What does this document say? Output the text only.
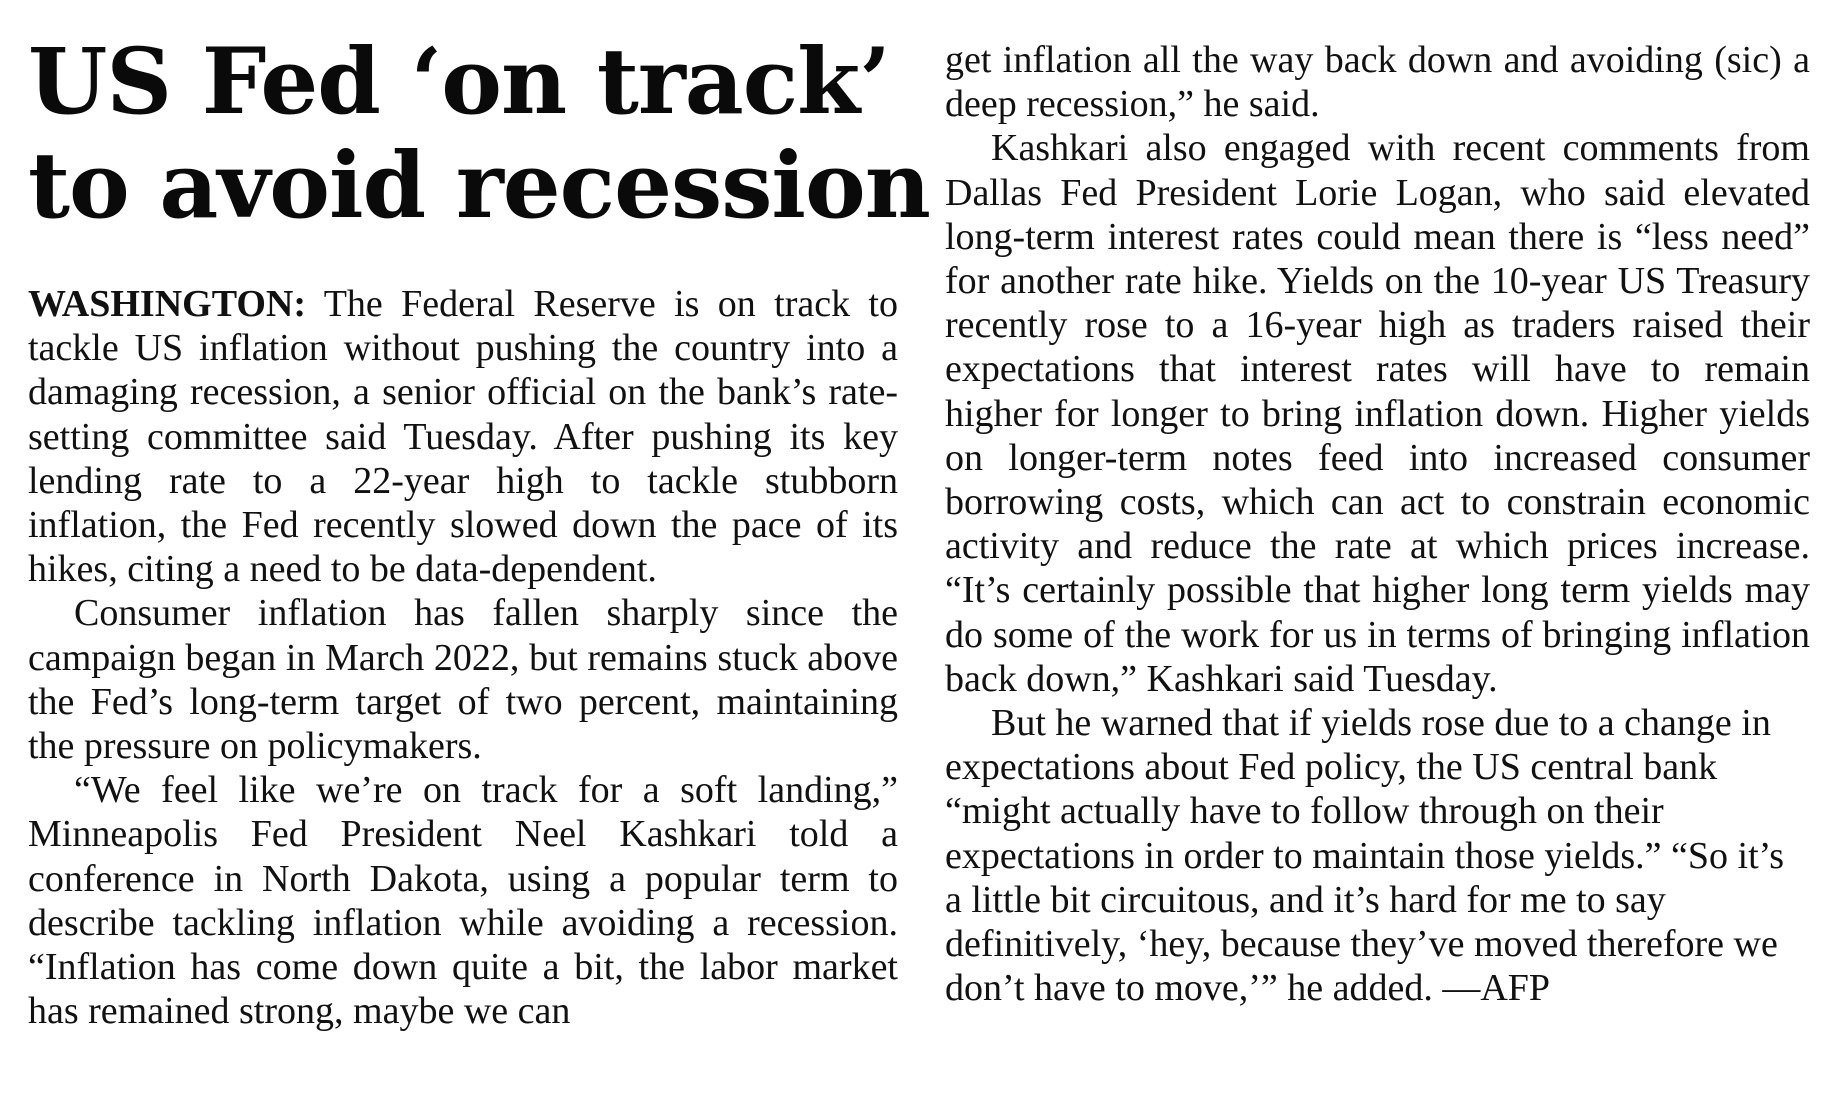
US Fed ‘on track’
to avoid recession

WASHINGTON: The Federal Reserve is on track to tackle US inflation without pushing the country into a damaging recession, a senior official on the bank’s rate-setting committee said Tuesday. After pushing its key lending rate to a 22-year high to tackle stubborn inflation, the Fed recently slowed down the pace of its hikes, citing a need to be data-dependent.

Consumer inflation has fallen sharply since the campaign began in March 2022, but remains stuck above the Fed’s long-term target of two percent, maintaining the pressure on policymakers.

“We feel like we’re on track for a soft landing,” Minneapolis Fed President Neel Kashkari told a conference in North Dakota, using a popular term to describe tackling inflation while avoiding a recession. “Inflation has come down quite a bit, the labor market has remained strong, maybe we can

get inflation all the way back down and avoiding (sic) a deep recession,” he said.

Kashkari also engaged with recent comments from Dallas Fed President Lorie Logan, who said elevated long-term interest rates could mean there is “less need” for another rate hike. Yields on the 10-year US Treasury recently rose to a 16-year high as traders raised their expectations that interest rates will have to remain higher for longer to bring inflation down. Higher yields on longer-term notes feed into increased consumer borrowing costs, which can act to constrain economic activity and reduce the rate at which prices increase. “It’s certainly possible that higher long term yields may do some of the work for us in terms of bringing inflation back down,” Kashkari said Tuesday.

But he warned that if yields rose due to a change in expectations about Fed policy, the US central bank “might actually have to follow through on their expectations in order to maintain those yields.” “So it’s a little bit circuitous, and it’s hard for me to say definitively, ‘hey, because they’ve moved therefore we don’t have to move,’” he added. —AFP
